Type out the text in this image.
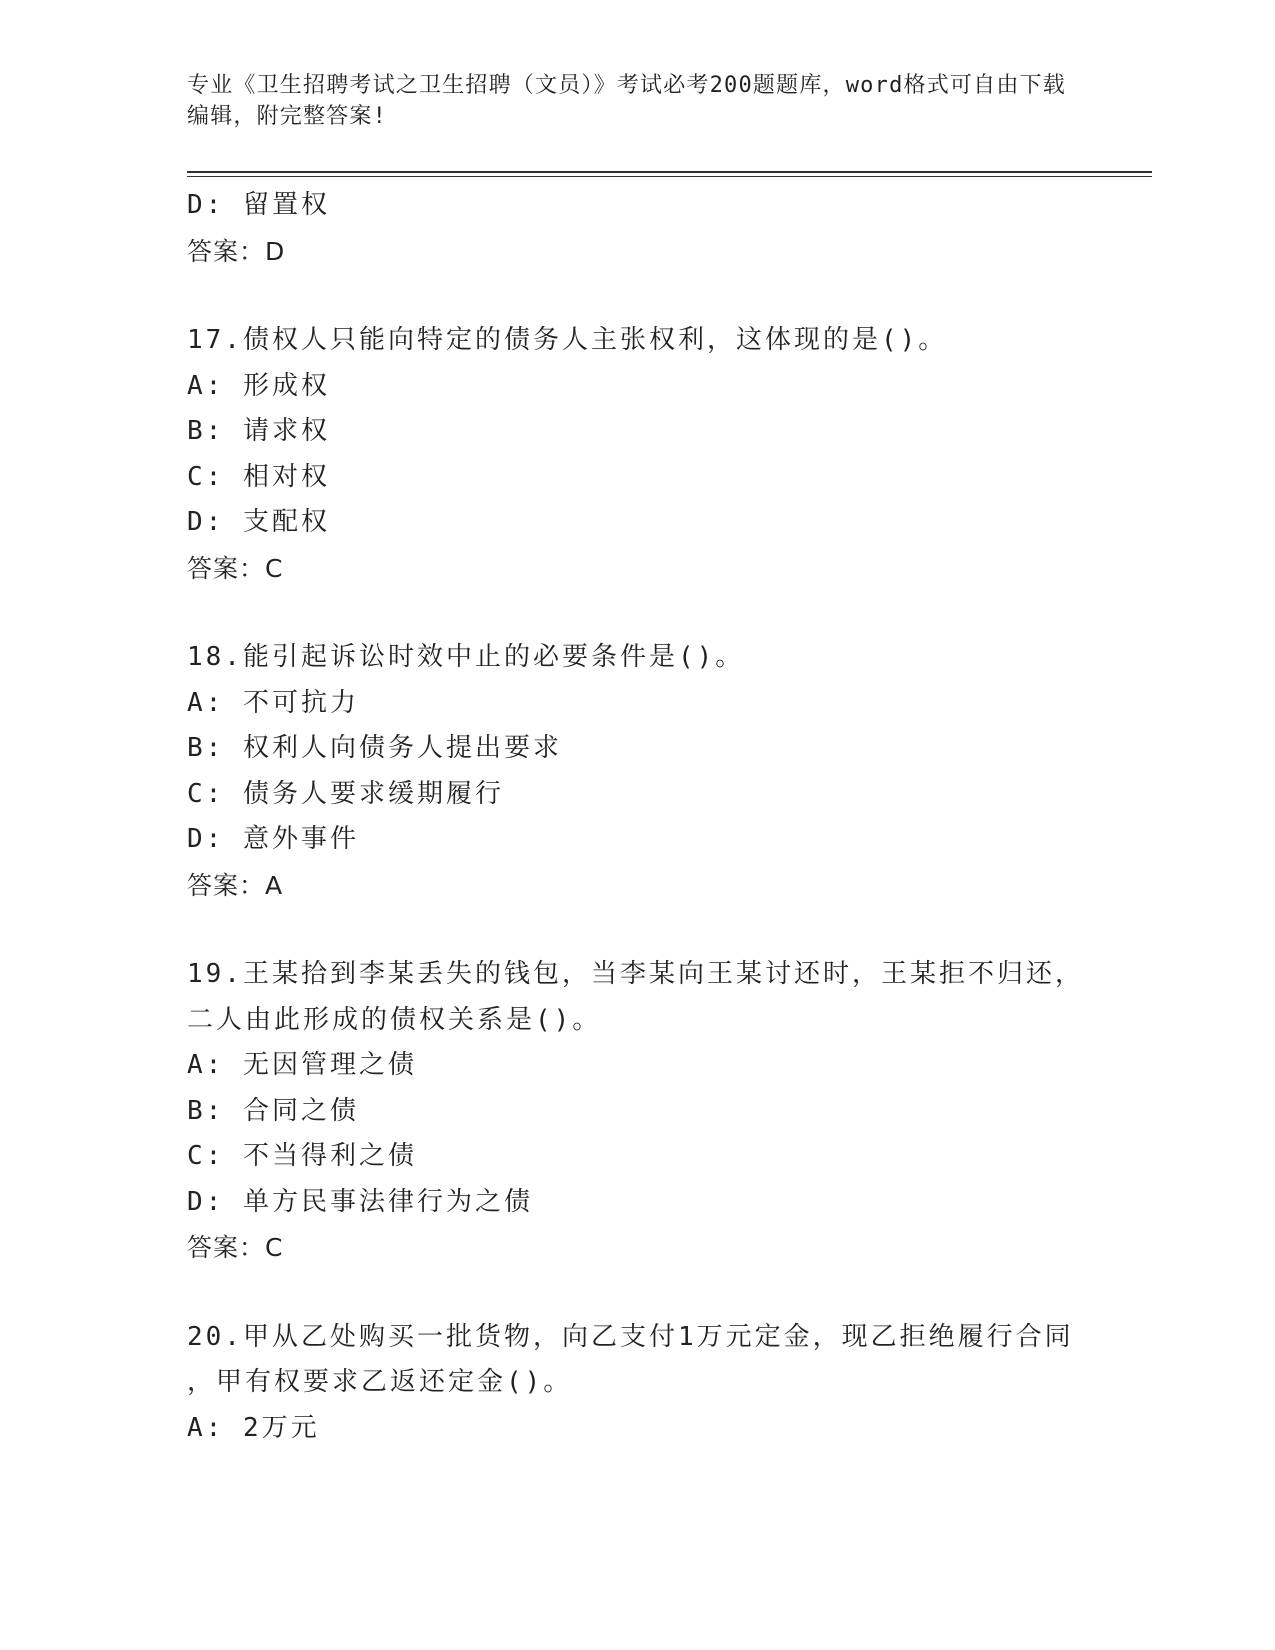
专业《卫生招聘考试之卫生招聘（文员）》考试必考200题题库，word格式可自由下载编辑，附完整答案!
D: 留置权
答案：D
17.债权人只能向特定的债务人主张权利，这体现的是()。
A: 形成权
B: 请求权
C: 相对权
D: 支配权
答案：C
18.能引起诉讼时效中止的必要条件是()。
A: 不可抗力
B: 权利人向债务人提出要求
C: 债务人要求缓期履行
D: 意外事件
答案：A
19.王某拾到李某丢失的钱包，当李某向王某讨还时，王某拒不归还，
二人由此形成的债权关系是()。
A: 无因管理之债
B: 合同之债
C: 不当得利之债
D: 单方民事法律行为之债
答案：C
20.甲从乙处购买一批货物，向乙支付1万元定金，现乙拒绝履行合同
，甲有权要求乙返还定金()。
A: 2万元
